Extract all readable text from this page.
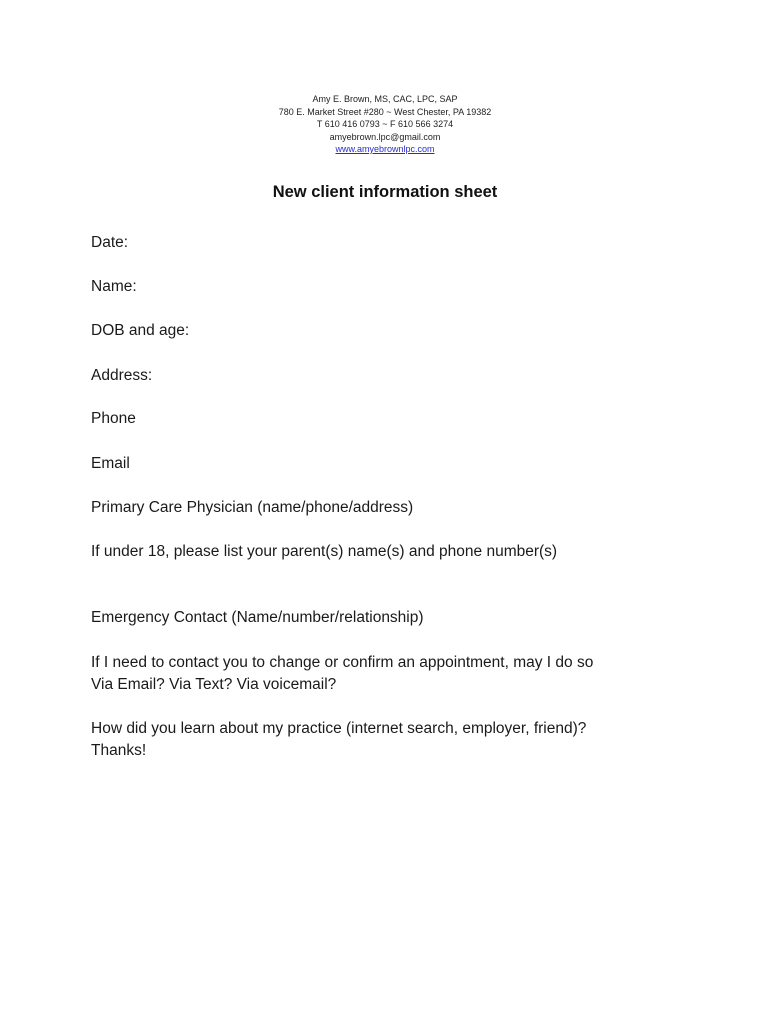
Amy E. Brown, MS, CAC, LPC, SAP
780 E. Market Street #280 ~ West Chester, PA 19382
T 610 416 0793 ~ F 610 566 3274
amyebrown.lpc@gmail.com
www.amyebrownlpc.com
New client information sheet
Date:
Name:
DOB and age:
Address:
Phone
Email
Primary Care Physician (name/phone/address)
If under 18, please list your parent(s) name(s) and phone number(s)
Emergency Contact (Name/number/relationship)
If I need to contact you to change or confirm an appointment, may I do so
Via Email? Via Text? Via voicemail?
How did you learn about my practice (internet search, employer, friend)?
Thanks!
